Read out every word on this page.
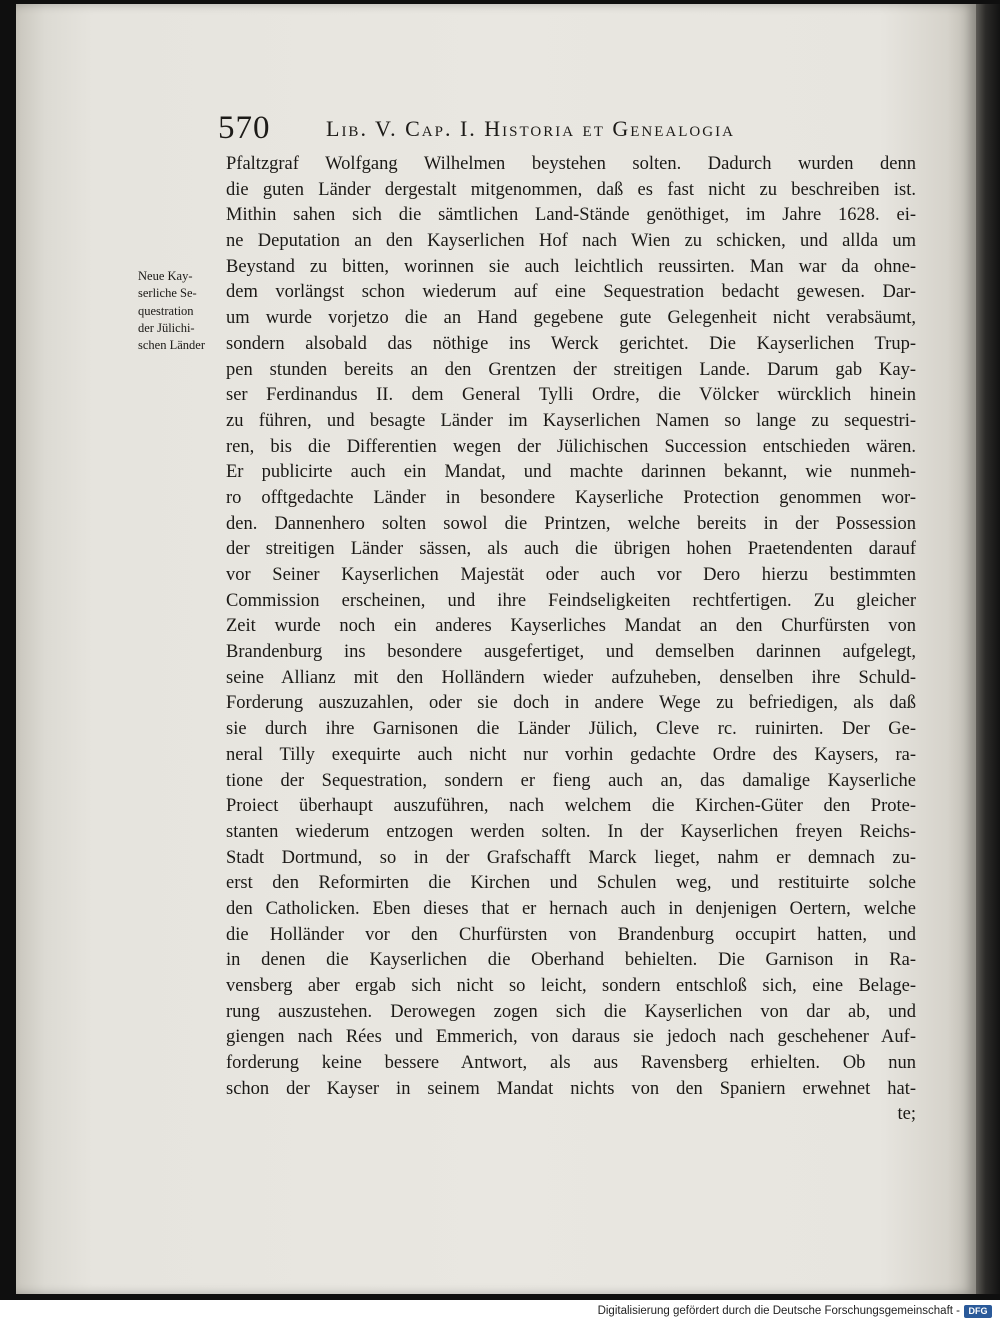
570	Lib. V. Cap. I. Historia et Genealogia
Neue Kay-
serliche Se-
questration
der Jülichi-
schen Länder
Pfaltzgraf Wolfgang Wilhelmen beystehen solten. Dadurch wurden denn
die guten Länder dergestalt mitgenommen, daß es fast nicht zu beschreiben ist.
Mithin sahen sich die sämtlichen Land-Stände genöthiget, im Jahre 1628. ei-
ne Deputation an den Kayserlichen Hof nach Wien zu schicken, und allda um
Beystand zu bitten, worinnen sie auch leichtlich reussirten. Man war da ohne-
dem vorlängst schon wiederum auf eine Sequestration bedacht gewesen. Dar-
um wurde vorjetzo die an Hand gegebene gute Gelegenheit nicht verabsäumt,
sondern alsobald das nöthige ins Werck gerichtet. Die Kayserlichen Trup-
pen stunden bereits an den Grentzen der streitigen Lande. Darum gab Kay-
ser Ferdinandus II. dem General Tylli Ordre, die Völcker würcklich hinein
zu führen, und besagte Länder im Kayserlichen Namen so lange zu sequestri-
ren, bis die Differentien wegen der Jülichischen Succession entschieden wären.
Er publicirte auch ein Mandat, und machte darinnen bekannt, wie nunmeh-
ro offtgedachte Länder in besondere Kayserliche Protection genommen wor-
den. Dannenhero solten sowol die Printzen, welche bereits in der Possession
der streitigen Länder sässen, als auch die übrigen hohen Praetendenten darauf
vor Seiner Kayserlichen Majestät oder auch vor Dero hierzu bestimmten
Commission erscheinen, und ihre Feindseligkeiten rechtfertigen. Zu gleicher
Zeit wurde noch ein anderes Kayserliches Mandat an den Churfürsten von
Brandenburg ins besondere ausgefertiget, und demselben darinnen aufgelegt,
seine Allianz mit den Holländern wieder aufzuheben, denselben ihre Schuld-
Forderung auszuzahlen, oder sie doch in andere Wege zu befriedigen, als daß
sie durch ihre Garnisonen die Länder Jülich, Cleve rc. ruinirten. Der Ge-
neral Tilly exequirte auch nicht nur vorhin gedachte Ordre des Kaysers, ra-
tione der Sequestration, sondern er fieng auch an, das damalige Kayserliche
Proiect überhaupt auszuführen, nach welchem die Kirchen-Güter den Prote-
stanten wiederum entzogen werden solten. In der Kayserlichen freyen Reichs-
Stadt Dortmund, so in der Grafschafft Marck lieget, nahm er demnach zu-
erst den Reformirten die Kirchen und Schulen weg, und restituirte solche
den Catholicken. Eben dieses that er hernach auch in denjenigen Oertern, welche
die Holländer vor den Churfürsten von Brandenburg occupirt hatten, und
in denen die Kayserlichen die Oberhand behielten. Die Garnison in Ra-
vensberg aber ergab sich nicht so leicht, sondern entschloß sich, eine Belage-
rung auszustehen. Derowegen zogen sich die Kayserlichen von dar ab, und
giengen nach Rées und Emmerich, von daraus sie jedoch nach geschehener Auf-
forderung keine bessere Antwort, als aus Ravensberg erhielten. Ob nun
schon der Kayser in seinem Mandat nichts von den Spaniern erwehnet hat-
te;
Digitalisierung gefördert durch die Deutsche Forschungsgemeinschaft - DFG
